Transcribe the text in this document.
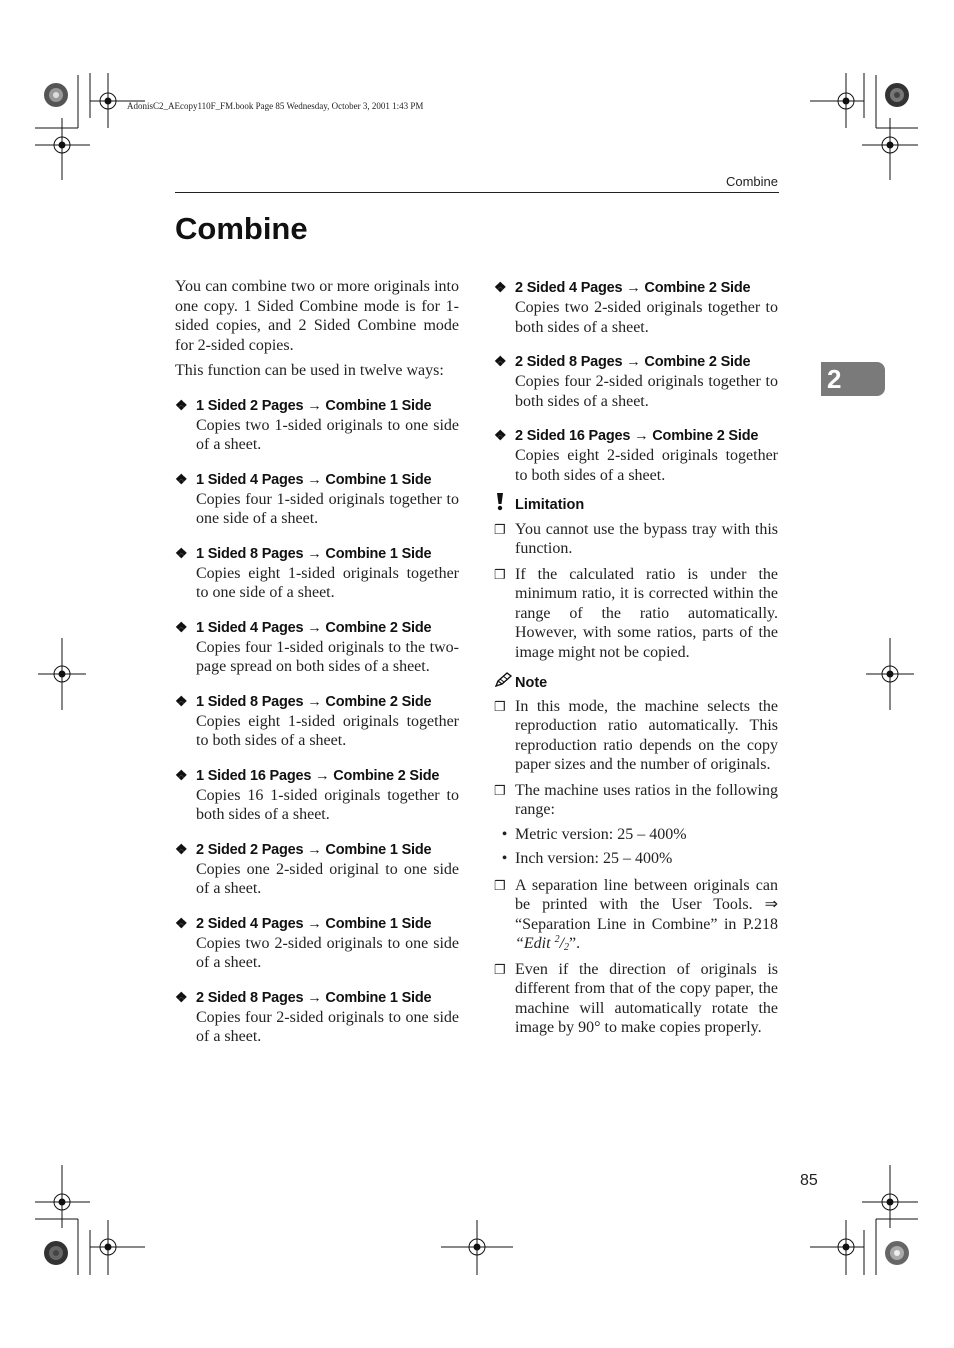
AdonisC2_AEcopy110F_FM.book Page 85 Wednesday, October 3, 2001 1:43 PM
Combine
Combine
2

You can combine two or more originals into one copy. 1 Sided Combine mode is for 1-sided copies, and 2 Sided Combine mode for 2-sided copies.

This function can be used in twelve ways:

❖ 1 Sided 2 Pages → Combine 1 Side
Copies two 1-sided originals to one side of a sheet.
❖ 1 Sided 4 Pages → Combine 1 Side
Copies four 1-sided originals together to one side of a sheet.
❖ 1 Sided 8 Pages → Combine 1 Side
Copies eight 1-sided originals together to one side of a sheet.
❖ 1 Sided 4 Pages → Combine 2 Side
Copies four 1-sided originals to the two-page spread on both sides of a sheet.
❖ 1 Sided 8 Pages → Combine 2 Side
Copies eight 1-sided originals together to both sides of a sheet.
❖ 1 Sided 16 Pages → Combine 2 Side
Copies 16 1-sided originals together to both sides of a sheet.
❖ 2 Sided 2 Pages → Combine 1 Side
Copies one 2-sided original to one side of a sheet.
❖ 2 Sided 4 Pages → Combine 1 Side
Copies two 2-sided originals to one side of a sheet.
❖ 2 Sided 8 Pages → Combine 1 Side
Copies four 2-sided originals to one side of a sheet.
❖ 2 Sided 4 Pages → Combine 2 Side
Copies two 2-sided originals together to both sides of a sheet.
❖ 2 Sided 8 Pages → Combine 2 Side
Copies four 2-sided originals together to both sides of a sheet.
❖ 2 Sided 16 Pages → Combine 2 Side
Copies eight 2-sided originals together to both sides of a sheet.
Limitation
❒ You cannot use the bypass tray with this function.
❒ If the calculated ratio is under the minimum ratio, it is corrected within the range of the ratio automatically. However, with some ratios, parts of the image might not be copied.
Note
❒ In this mode, the machine selects the reproduction ratio automatically. This reproduction ratio depends on the copy paper sizes and the number of originals.
❒ The machine uses ratios in the following range:
• Metric version: 25 – 400%
• Inch version: 25 – 400%
❒ A separation line between originals can be printed with the User Tools. ⇒ “Separation Line in Combine” in P.218 “Edit $^2/_2$”.
❒ Even if the direction of originals is different from that of the copy paper, the machine will automatically rotate the image by 90° to make copies properly.
85
